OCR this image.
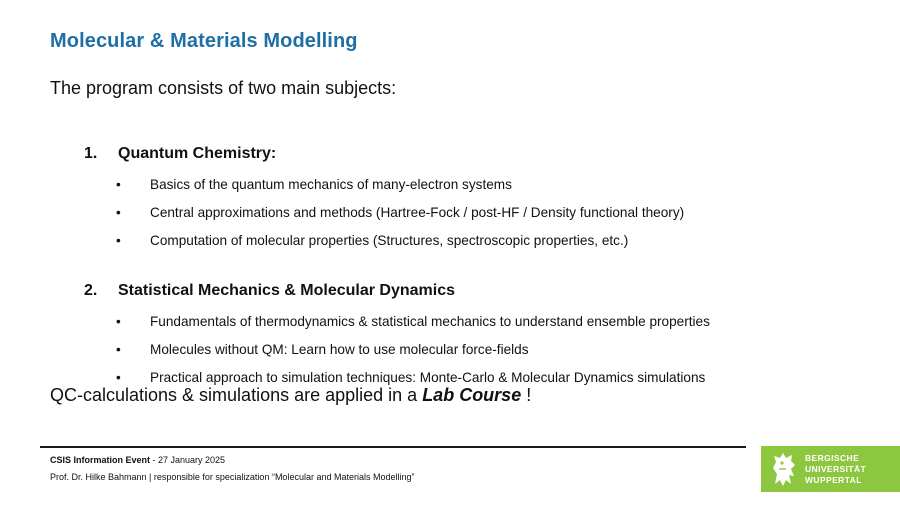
Molecular & Materials Modelling
The program consists of two main subjects:
1.	Quantum Chemistry:
• Basics of the quantum mechanics of many-electron systems
• Central approximations and methods (Hartree-Fock / post-HF / Density functional theory)
• Computation of molecular properties (Structures, spectroscopic properties, etc.)
2.	Statistical Mechanics & Molecular Dynamics
• Fundamentals of thermodynamics & statistical mechanics to understand ensemble properties
• Molecules without QM: Learn how to use molecular force-fields
• Practical approach to simulation techniques: Monte-Carlo & Molecular Dynamics simulations
QC-calculations & simulations are applied in a Lab Course !
CSIS Information Event - 27 January 2025
Prof. Dr. Hilke Bahmann | responsible for specialization “Molecular and Materials Modelling”
BERGISCHE
UNIVERSITÄT
WUPPERTAL
